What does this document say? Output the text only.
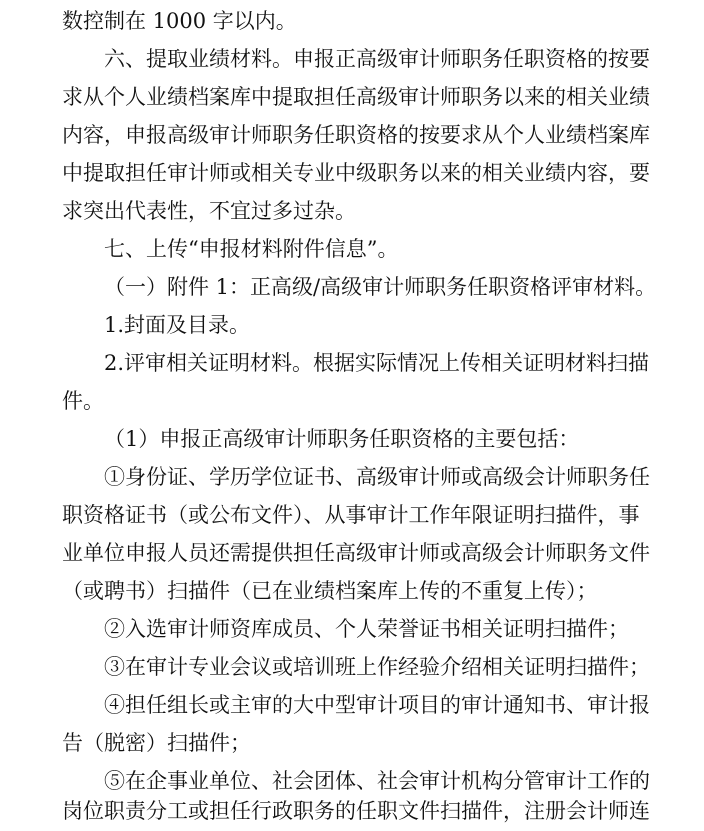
数控制在 1000 字以内。
六、提取业绩材料。申报正高级审计师职务任职资格的按要
求从个人业绩档案库中提取担任高级审计师职务以来的相关业绩
内容，申报高级审计师职务任职资格的按要求从个人业绩档案库
中提取担任审计师或相关专业中级职务以来的相关业绩内容，要
求突出代表性，不宜过多过杂。
七、上传“申报材料附件信息”。
（一）附件 1：正高级/高级审计师职务任职资格评审材料。
1.封面及目录。
2.评审相关证明材料。根据实际情况上传相关证明材料扫描
件。
（1）申报正高级审计师职务任职资格的主要包括：
①身份证、学历学位证书、高级审计师或高级会计师职务任
职资格证书（或公布文件）、从事审计工作年限证明扫描件，事
业单位申报人员还需提供担任高级审计师或高级会计师职务文件
（或聘书）扫描件（已在业绩档案库上传的不重复上传）；
②入选审计师资库成员、个人荣誉证书相关证明扫描件；
③在审计专业会议或培训班上作经验介绍相关证明扫描件；
④担任组长或主审的大中型审计项目的审计通知书、审计报
告（脱密）扫描件；
⑤在企事业单位、社会团体、社会审计机构分管审计工作的
岗位职责分工或担任行政职务的任职文件扫描件，注册会计师连
